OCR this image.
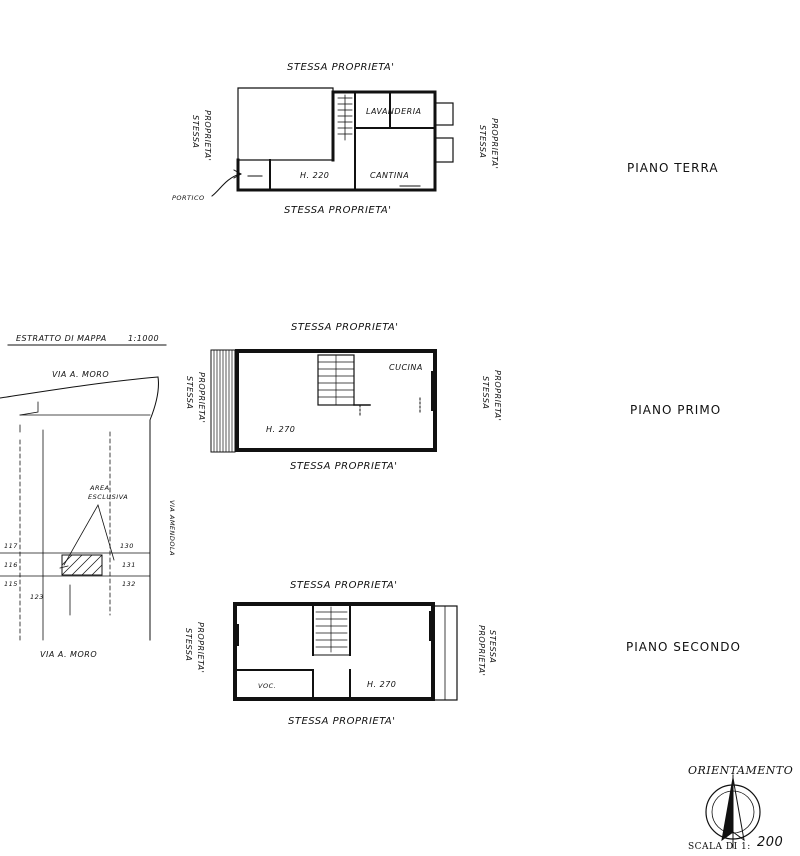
STESSA PROPRIETA'
STESSA PROPRIETA'
STESSA PROPRIETA'	STESSA PROPRIETA'
LAVANDERIA
CANTINA
H. 220
PORTICO
PIANO TERRA
STESSA PROPRIETA'
STESSA PROPRIETA'
STESSA PROPRIETA'	STESSA PROPRIETA'
CUCINA
H. 270
PIANO PRIMO
STESSA PROPRIETA'
STESSA PROPRIETA'
STESSA PROPRIETA'	STESSA
PROPRIETA'
VOC.	H. 270
PIANO SECONDO
ESTRATTO DI MAPPA	1:1000
VIA A. MORO
VIA A. MORO
VIA AMENDOLA
AREA
ESCLUSIVA
117
116
115
123
130
131
132
ORIENTAMENTO
SCALA DI 1: 200
